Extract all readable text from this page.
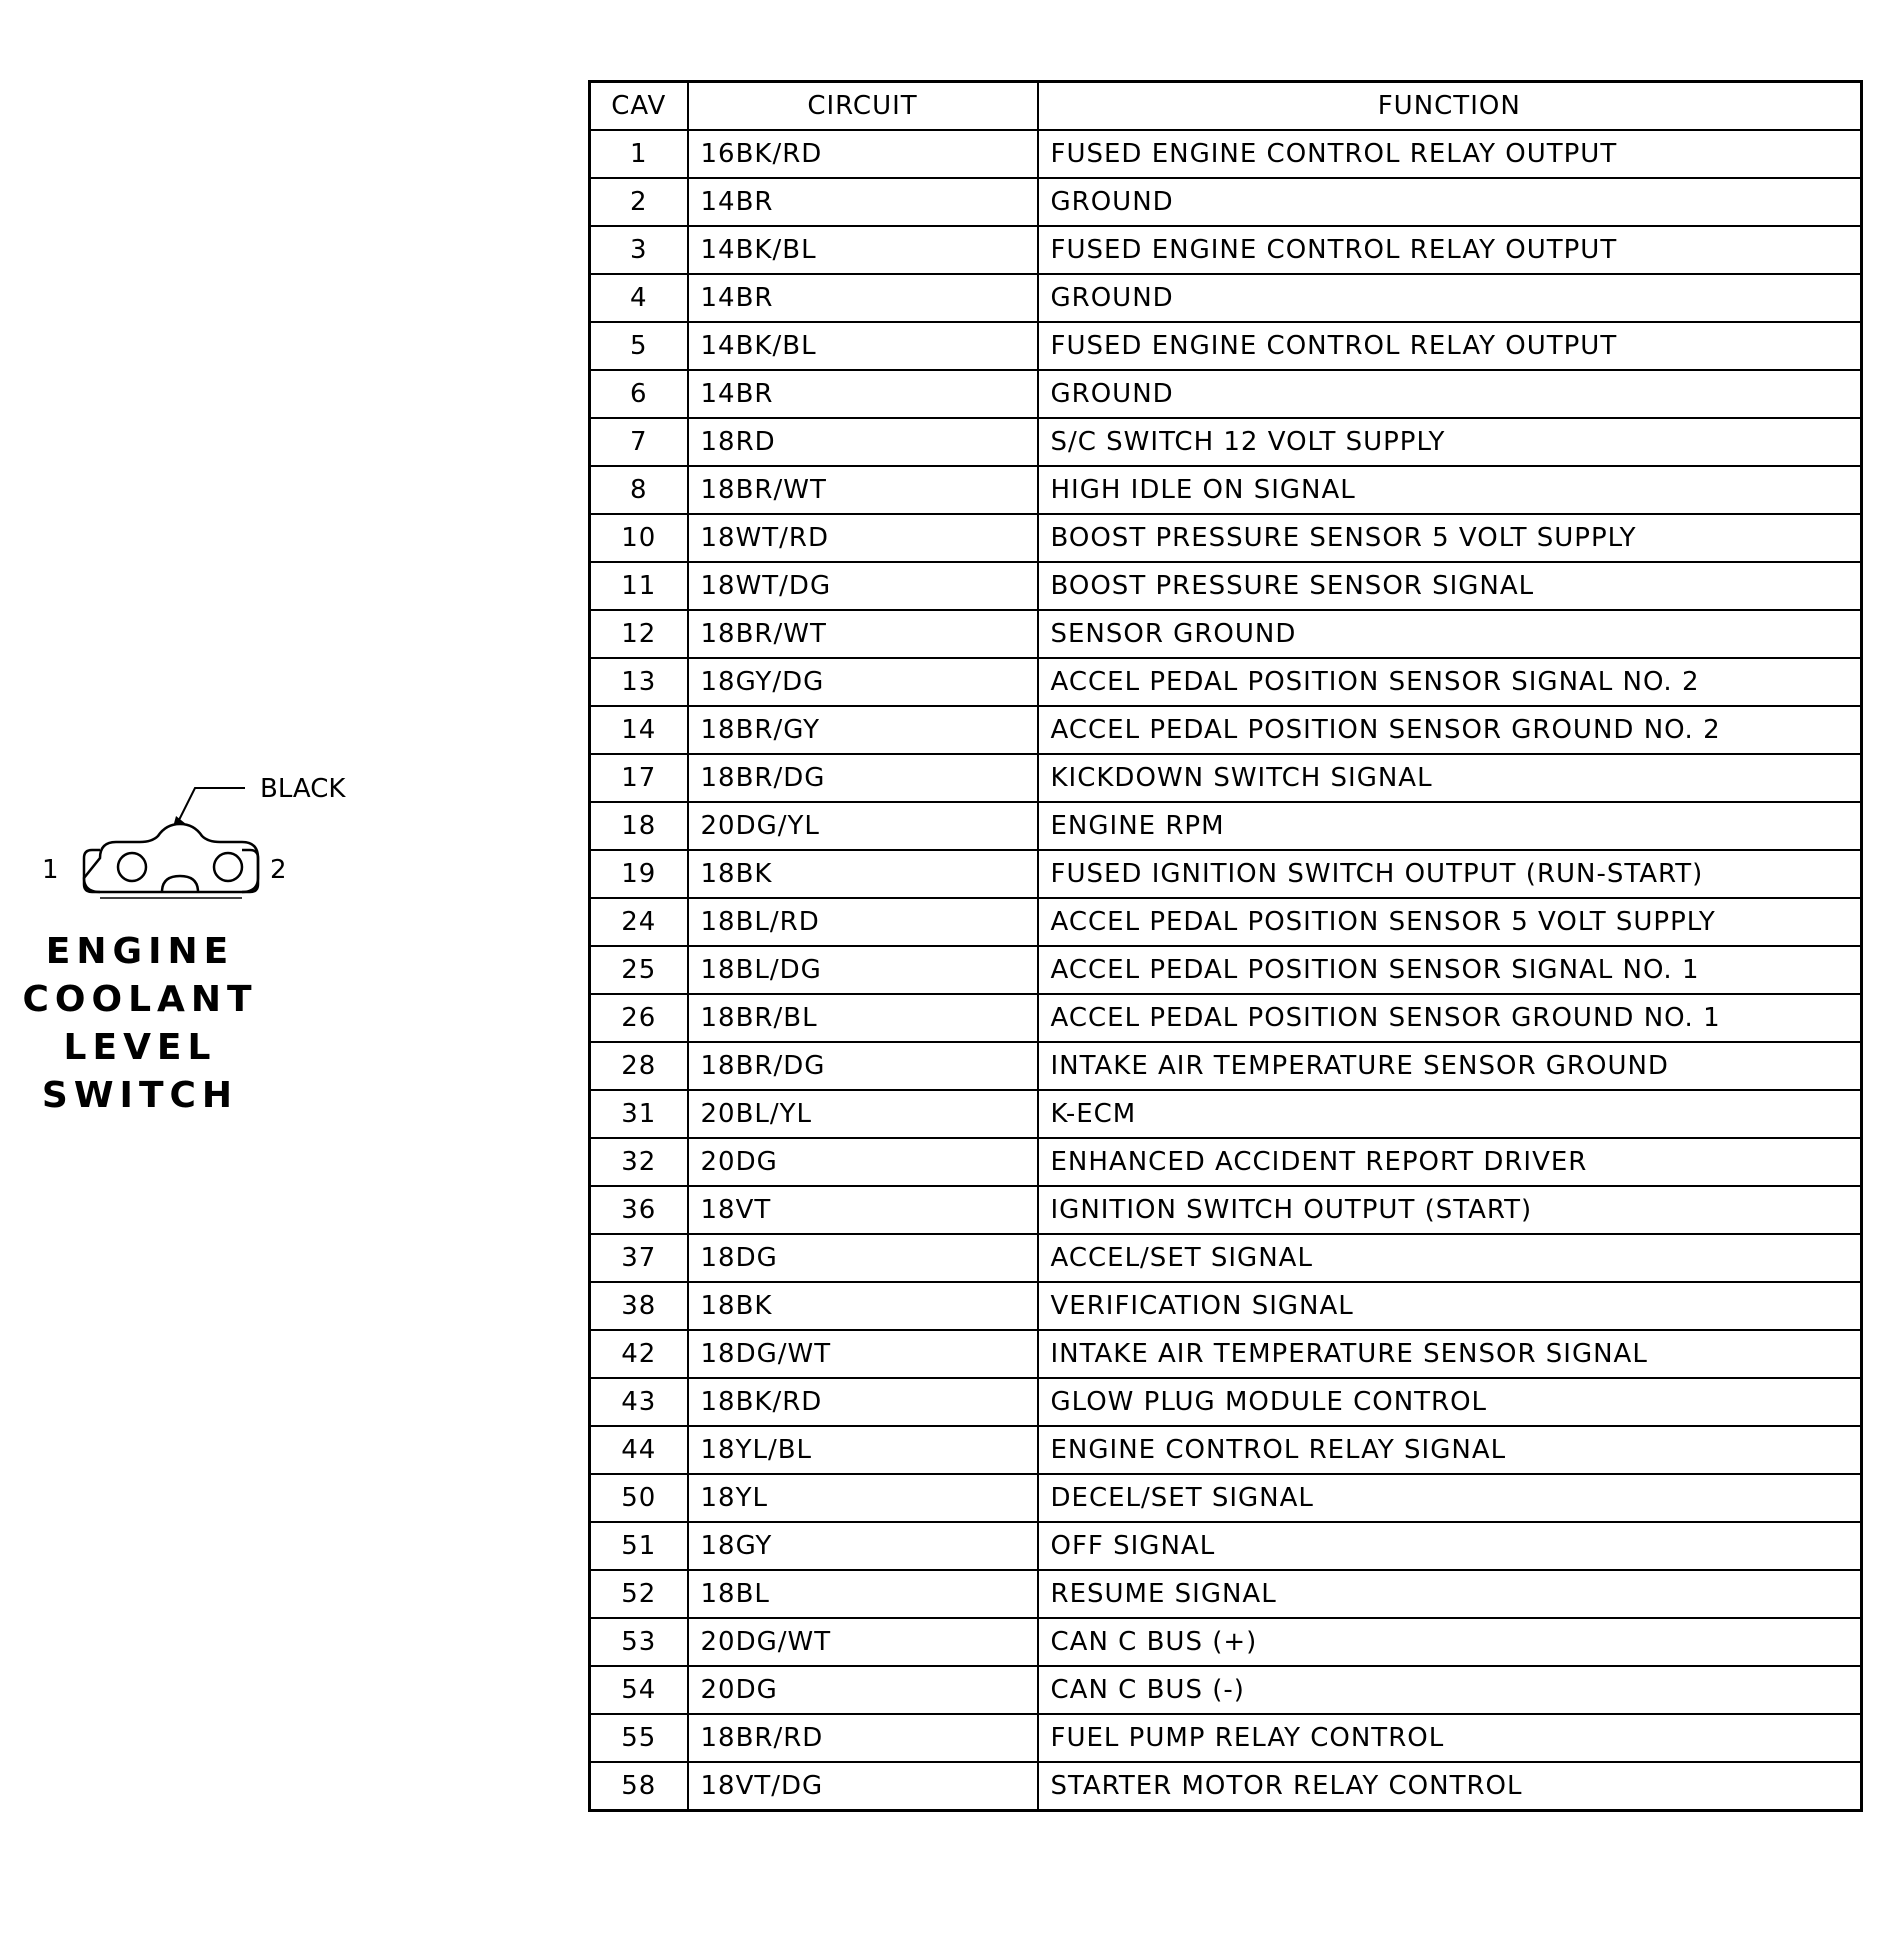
BLACK
1	2
ENGINE
COOLANT
LEVEL
SWITCH
CAV	CIRCUIT	FUNCTION
1	16BK/RD	FUSED ENGINE CONTROL RELAY OUTPUT
2	14BR	GROUND
3	14BK/BL	FUSED ENGINE CONTROL RELAY OUTPUT
4	14BR	GROUND
5	14BK/BL	FUSED ENGINE CONTROL RELAY OUTPUT
6	14BR	GROUND
7	18RD	S/C SWITCH 12 VOLT SUPPLY
8	18BR/WT	HIGH IDLE ON SIGNAL
10	18WT/RD	BOOST PRESSURE SENSOR 5 VOLT SUPPLY
11	18WT/DG	BOOST PRESSURE SENSOR SIGNAL
12	18BR/WT	SENSOR GROUND
13	18GY/DG	ACCEL PEDAL POSITION SENSOR SIGNAL NO. 2
14	18BR/GY	ACCEL PEDAL POSITION SENSOR GROUND NO. 2
17	18BR/DG	KICKDOWN SWITCH SIGNAL
18	20DG/YL	ENGINE RPM
19	18BK	FUSED IGNITION SWITCH OUTPUT (RUN-START)
24	18BL/RD	ACCEL PEDAL POSITION SENSOR 5 VOLT SUPPLY
25	18BL/DG	ACCEL PEDAL POSITION SENSOR SIGNAL NO. 1
26	18BR/BL	ACCEL PEDAL POSITION SENSOR GROUND NO. 1
28	18BR/DG	INTAKE AIR TEMPERATURE SENSOR GROUND
31	20BL/YL	K-ECM
32	20DG	ENHANCED ACCIDENT REPORT DRIVER
36	18VT	IGNITION SWITCH OUTPUT (START)
37	18DG	ACCEL/SET SIGNAL
38	18BK	VERIFICATION SIGNAL
42	18DG/WT	INTAKE AIR TEMPERATURE SENSOR SIGNAL
43	18BK/RD	GLOW PLUG MODULE CONTROL
44	18YL/BL	ENGINE CONTROL RELAY SIGNAL
50	18YL	DECEL/SET SIGNAL
51	18GY	OFF SIGNAL
52	18BL	RESUME SIGNAL
53	20DG/WT	CAN C BUS (+)
54	20DG	CAN C BUS (-)
55	18BR/RD	FUEL PUMP RELAY CONTROL
58	18VT/DG	STARTER MOTOR RELAY CONTROL
